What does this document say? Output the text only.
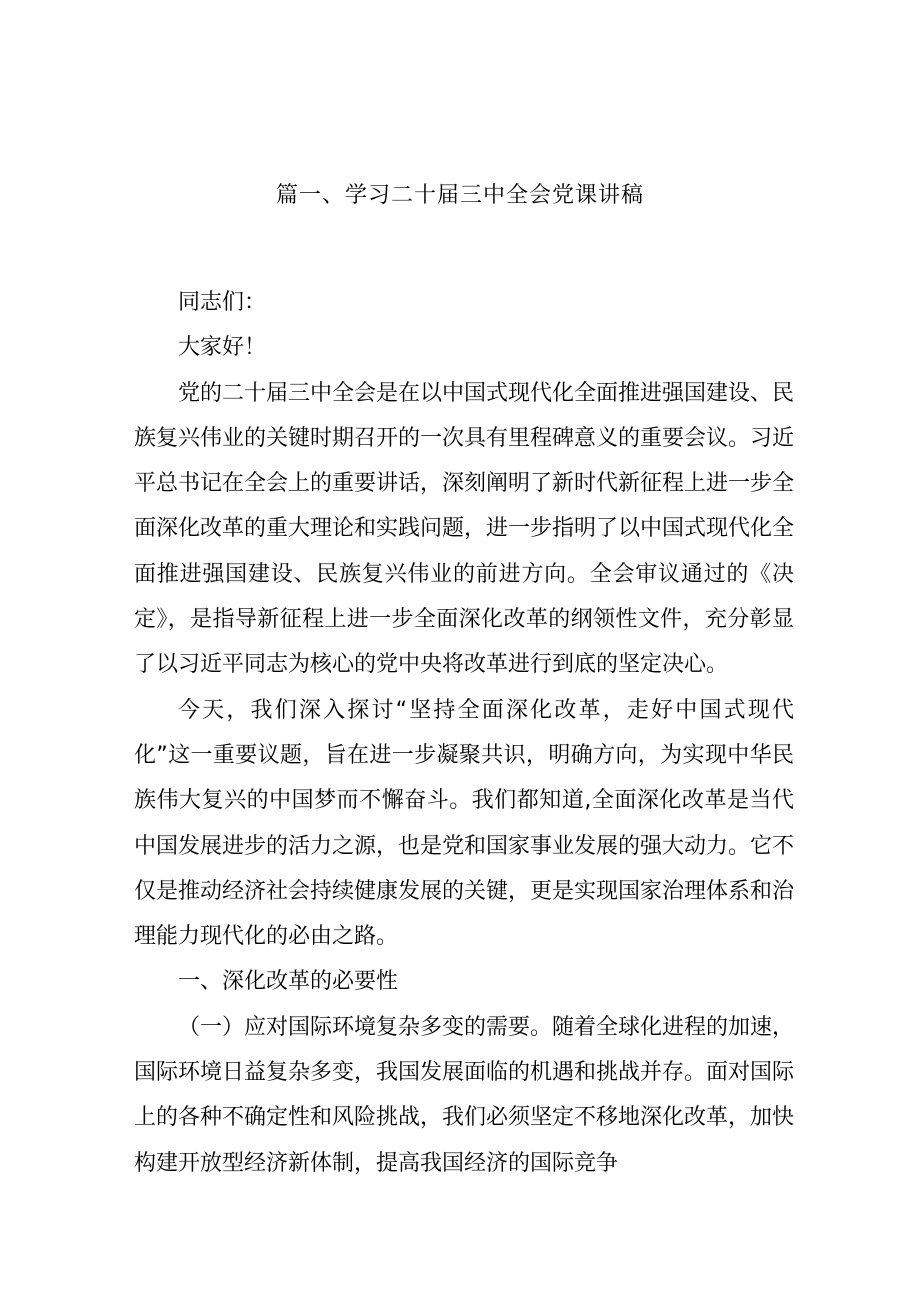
篇一、学习二十届三中全会党课讲稿

同志们：

大家好！

党的二十届三中全会是在以中国式现代化全面推进强国建设、民族复兴伟业的关键时期召开的一次具有里程碑意义的重要会议。习近平总书记在全会上的重要讲话，深刻阐明了新时代新征程上进一步全面深化改革的重大理论和实践问题，进一步指明了以中国式现代化全面推进强国建设、民族复兴伟业的前进方向。全会审议通过的《决定》，是指导新征程上进一步全面深化改革的纲领性文件，充分彰显了以习近平同志为核心的党中央将改革进行到底的坚定决心。

今天，我们深入探讨“坚持全面深化改革，走好中国式现代化”这一重要议题，旨在进一步凝聚共识，明确方向，为实现中华民族伟大复兴的中国梦而不懈奋斗。我们都知道,全面深化改革是当代中国发展进步的活力之源，也是党和国家事业发展的强大动力。它不仅是推动经济社会持续健康发展的关键，更是实现国家治理体系和治理能力现代化的必由之路。

一、深化改革的必要性

（一）应对国际环境复杂多变的需要。随着全球化进程的加速，国际环境日益复杂多变，我国发展面临的机遇和挑战并存。面对国际上的各种不确定性和风险挑战，我们必须坚定不移地深化改革，加快构建开放型经济新体制，提高我国经济的国际竞争
